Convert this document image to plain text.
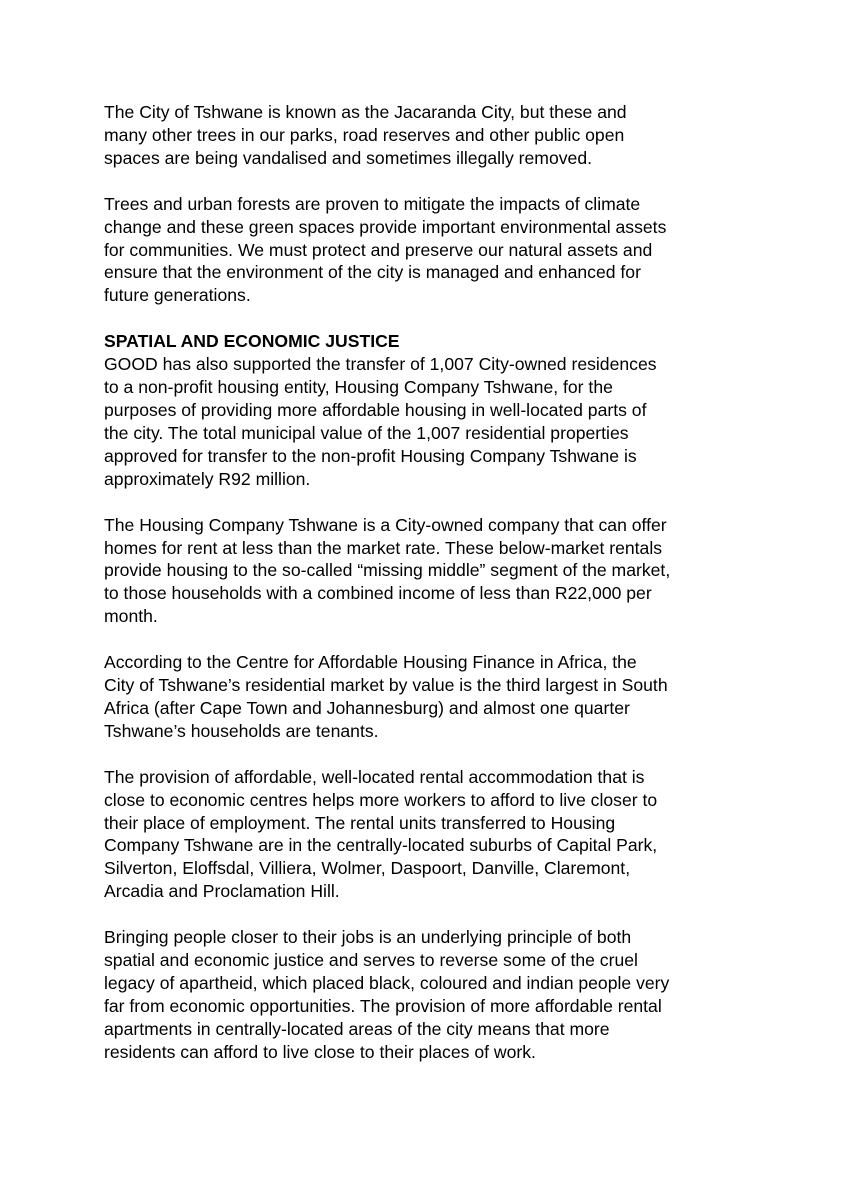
The City of Tshwane is known as the Jacaranda City, but these and
many other trees in our parks, road reserves and other public open
spaces are being vandalised and sometimes illegally removed.
Trees and urban forests are proven to mitigate the impacts of climate
change and these green spaces provide important environmental assets
for communities. We must protect and preserve our natural assets and
ensure that the environment of the city is managed and enhanced for
future generations.
SPATIAL AND ECONOMIC JUSTICE
GOOD has also supported the transfer of 1,007 City-owned residences
to a non-profit housing entity, Housing Company Tshwane, for the
purposes of providing more affordable housing in well-located parts of
the city. The total municipal value of the 1,007 residential properties
approved for transfer to the non-profit Housing Company Tshwane is
approximately R92 million.
The Housing Company Tshwane is a City-owned company that can offer
homes for rent at less than the market rate. These below-market rentals
provide housing to the so-called “missing middle” segment of the market,
to those households with a combined income of less than R22,000 per
month.
According to the Centre for Affordable Housing Finance in Africa, the
City of Tshwane’s residential market by value is the third largest in South
Africa (after Cape Town and Johannesburg) and almost one quarter
Tshwane’s households are tenants.
The provision of affordable, well-located rental accommodation that is
close to economic centres helps more workers to afford to live closer to
their place of employment. The rental units transferred to Housing
Company Tshwane are in the centrally-located suburbs of Capital Park,
Silverton, Eloffsdal, Villiera, Wolmer, Daspoort, Danville, Claremont,
Arcadia and Proclamation Hill.
Bringing people closer to their jobs is an underlying principle of both
spatial and economic justice and serves to reverse some of the cruel
legacy of apartheid, which placed black, coloured and indian people very
far from economic opportunities. The provision of more affordable rental
apartments in centrally-located areas of the city means that more
residents can afford to live close to their places of work.
